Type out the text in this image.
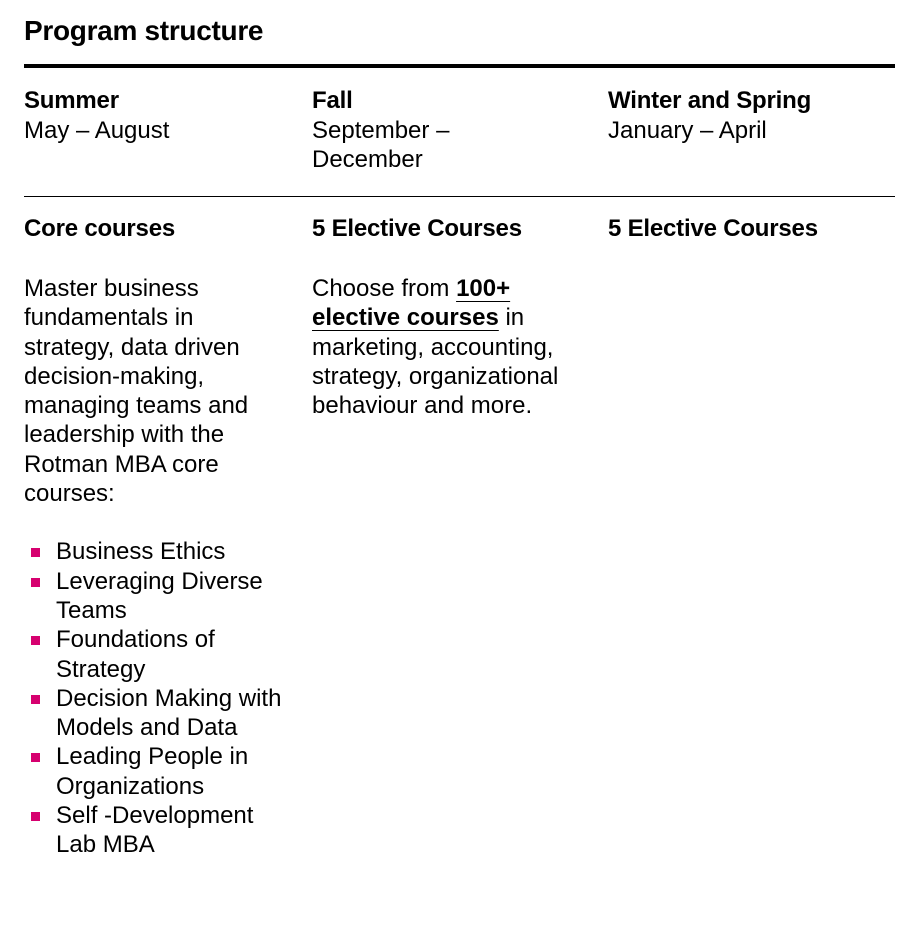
Program structure
Summer
May – August
Fall
September – December
Winter and Spring
January – April
Core courses
Master business fundamentals in strategy, data driven decision-making, managing teams and leadership with the Rotman MBA core courses:
Business Ethics
Leveraging Diverse Teams
Foundations of Strategy
Decision Making with Models and Data
Leading People in Organizations
Self -Development Lab MBA
5 Elective Courses
Choose from 100+ elective courses in marketing, accounting, strategy, organizational behaviour and more.
5 Elective Courses
